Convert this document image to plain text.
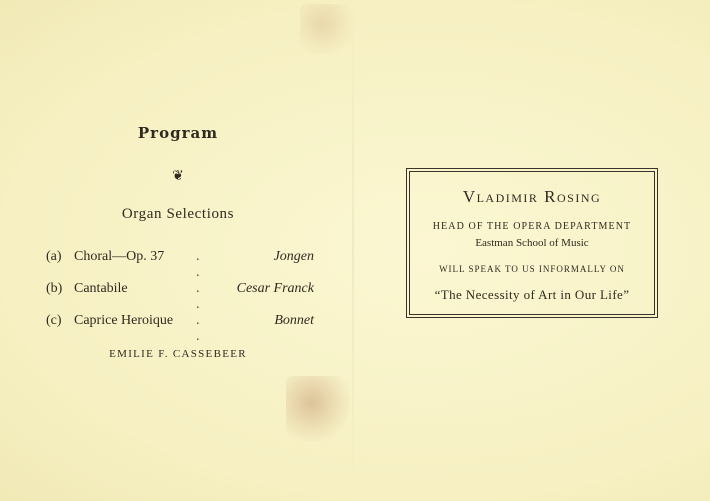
Program
❦
Organ Selections
(a) Choral—Op. 37 . .
Jongen
(b) Cantabile	. .
Cesar Franck
(c) Caprice Heroique . .
Bonnet
EMILIE F. CASSEBEER
Vladimir Rosing
HEAD OF THE OPERA DEPARTMENT
Eastman School of Music
WILL SPEAK TO US INFORMALLY ON
“The Necessity of Art in Our Life”
